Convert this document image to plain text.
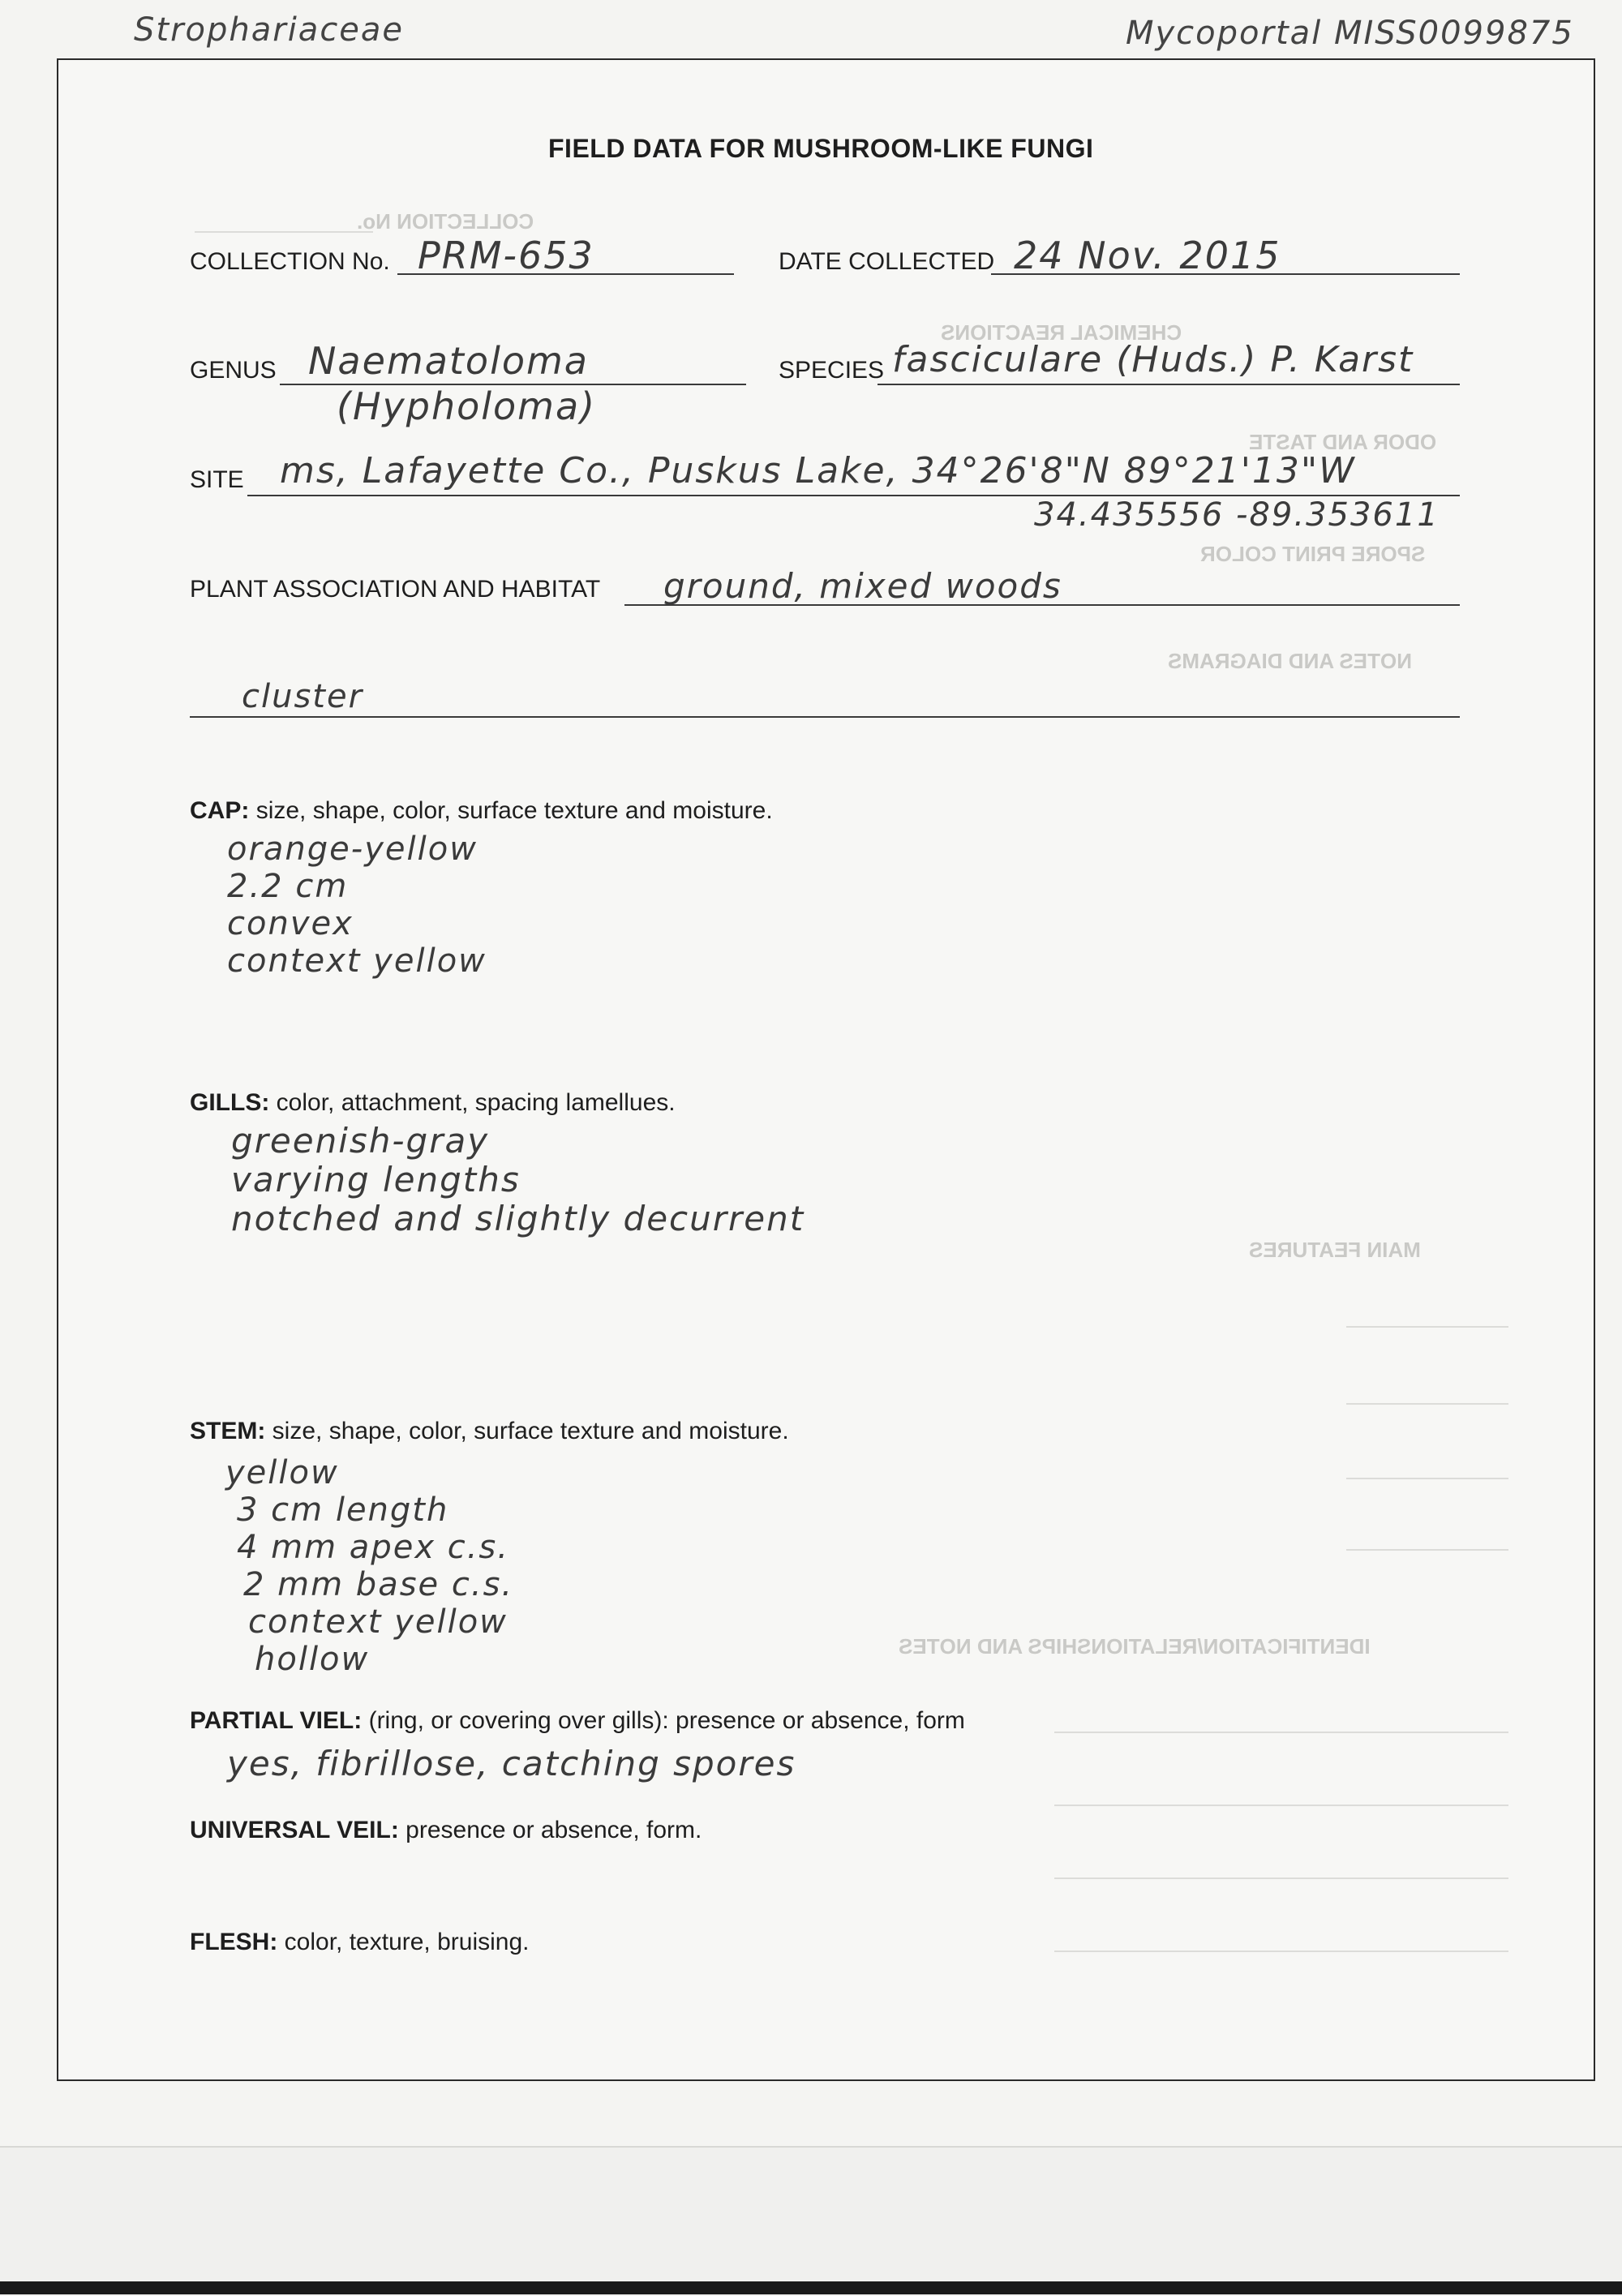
Strophariaceae	Mycoportal MISS0099875
COLLECTION No.
CHEMICAL REACTIONS
ODOR AND TASTE
SPORE PRINT COLOR
NOTES AND DIAGRAMS
MAIN FEATURES
IDENTIFICATION/RELATIONSHIPS AND NOTES
FIELD DATA FOR MUSHROOM-LIKE FUNGI
COLLECTION No. PRM-653	DATE COLLECTED 24 Nov. 2015
GENUS Naematoloma
(Hypholoma)
SPECIES fasciculare (Huds.) P. Karst
SITE ms, Lafayette Co., Puskus Lake, 34°26'8"N 89°21'13"W
34.435556 -89.353611
PLANT ASSOCIATION AND HABITAT ground, mixed woods
cluster
CAP: size, shape, color, surface texture and moisture.
orange-yellow
2.2 cm
convex
context yellow
GILLS: color, attachment, spacing lamellues.
greenish-gray
varying lengths
notched and slightly decurrent
STEM: size, shape, color, surface texture and moisture.
yellow
3 cm length
4 mm apex c.s.
2 mm base c.s.
context yellow
hollow
PARTIAL VIEL: (ring, or covering over gills): presence or absence, form
yes, fibrillose, catching spores
UNIVERSAL VEIL: presence or absence, form.
FLESH: color, texture, bruising.
